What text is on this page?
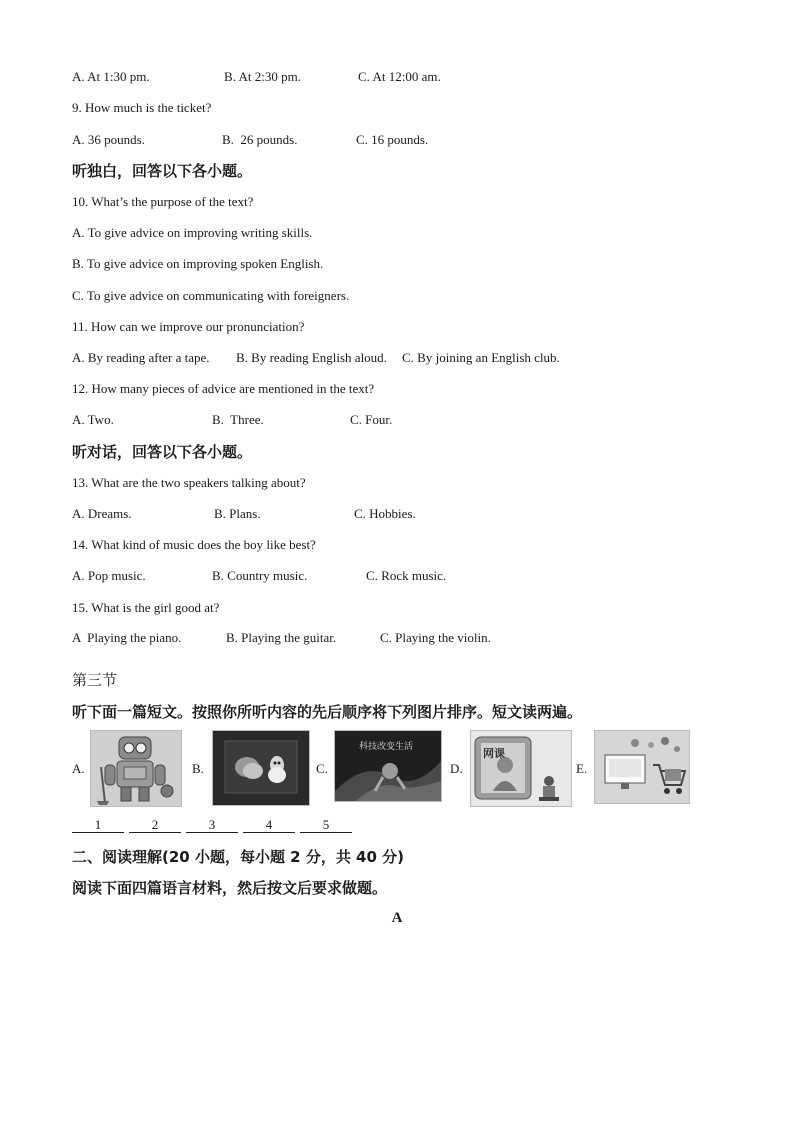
A. At 1:30 pm.	B. At 2:30 pm.	C. At 12:00 am.
9. How much is the ticket?
A. 36 pounds.	B.  26 pounds.	C. 16 pounds.
听独白，回答以下各小题。
10. What’s the purpose of the text?
A. To give advice on improving writing skills.
B. To give advice on improving spoken English.
C. To give advice on communicating with foreigners.
11. How can we improve our pronunciation?
A. By reading after a tape. B. By reading English aloud. C. By joining an English club.
12. How many pieces of advice are mentioned in the text?
A. Two.	B.  Three.	C. Four.
听对话，回答以下各小题。
13. What are the two speakers talking about?
A. Dreams.	B. Plans.	C. Hobbies.
14. What kind of music does the boy like best?
A. Pop music.	B. Country music.	C. Rock music.
15. What is the girl good at?
A  Playing the piano.	B. Playing the guitar.	C. Playing the violin.
第三节
听下面一篇短文。按照你所听内容的先后顺序将下列图片排序。短文读两遍。
A.	B.	C.
科技改变生活
D.
网课
E.
1	2	3	4	5
二、阅读理解(20 小题，每小题 2 分，共 40 分)
阅读下面四篇语言材料，然后按文后要求做题。
A
